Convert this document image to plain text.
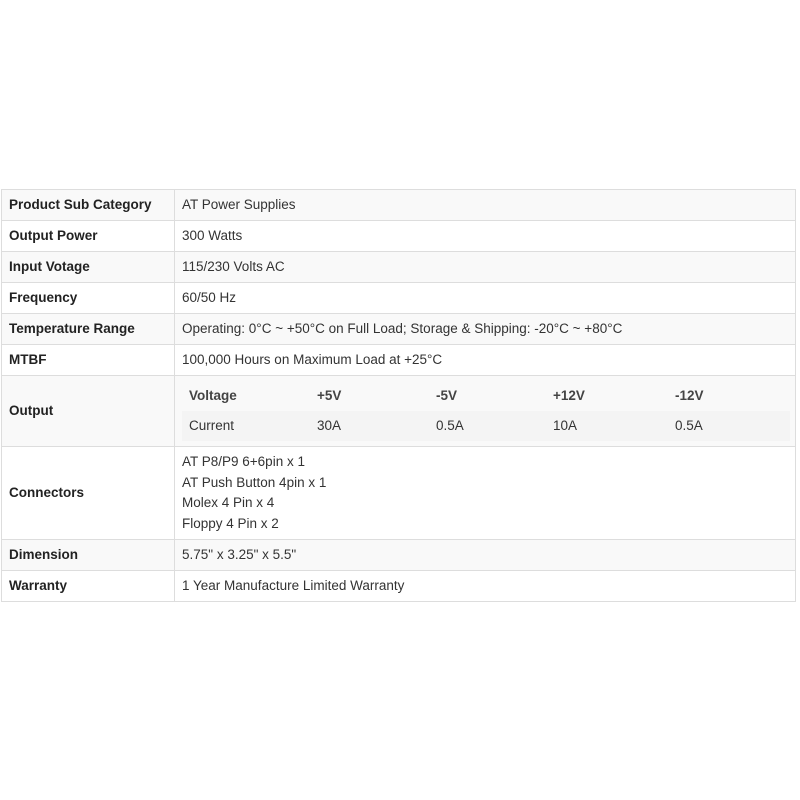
Product Sub Category	AT Power Supplies
Output Power	300 Watts
Input Votage	115/230 Volts AC
Frequency	60/50 Hz
Temperature Range	Operating: 0°C ~ +50°C on Full Load; Storage & Shipping: -20°C ~ +80°C
MTBF	100,000 Hours on Maximum Load at +25°C
Output	
Voltage	+5V	-5V	+12V	-12V
Current	30A	0.5A	10A	0.5A

Connectors	
AT P8/P9 6+6pin x 1
AT Push Button 4pin x 1
Molex 4 Pin x 4
Floppy 4 Pin x 2

Dimension	5.75" x 3.25" x 5.5"
Warranty	1 Year Manufacture Limited Warranty
